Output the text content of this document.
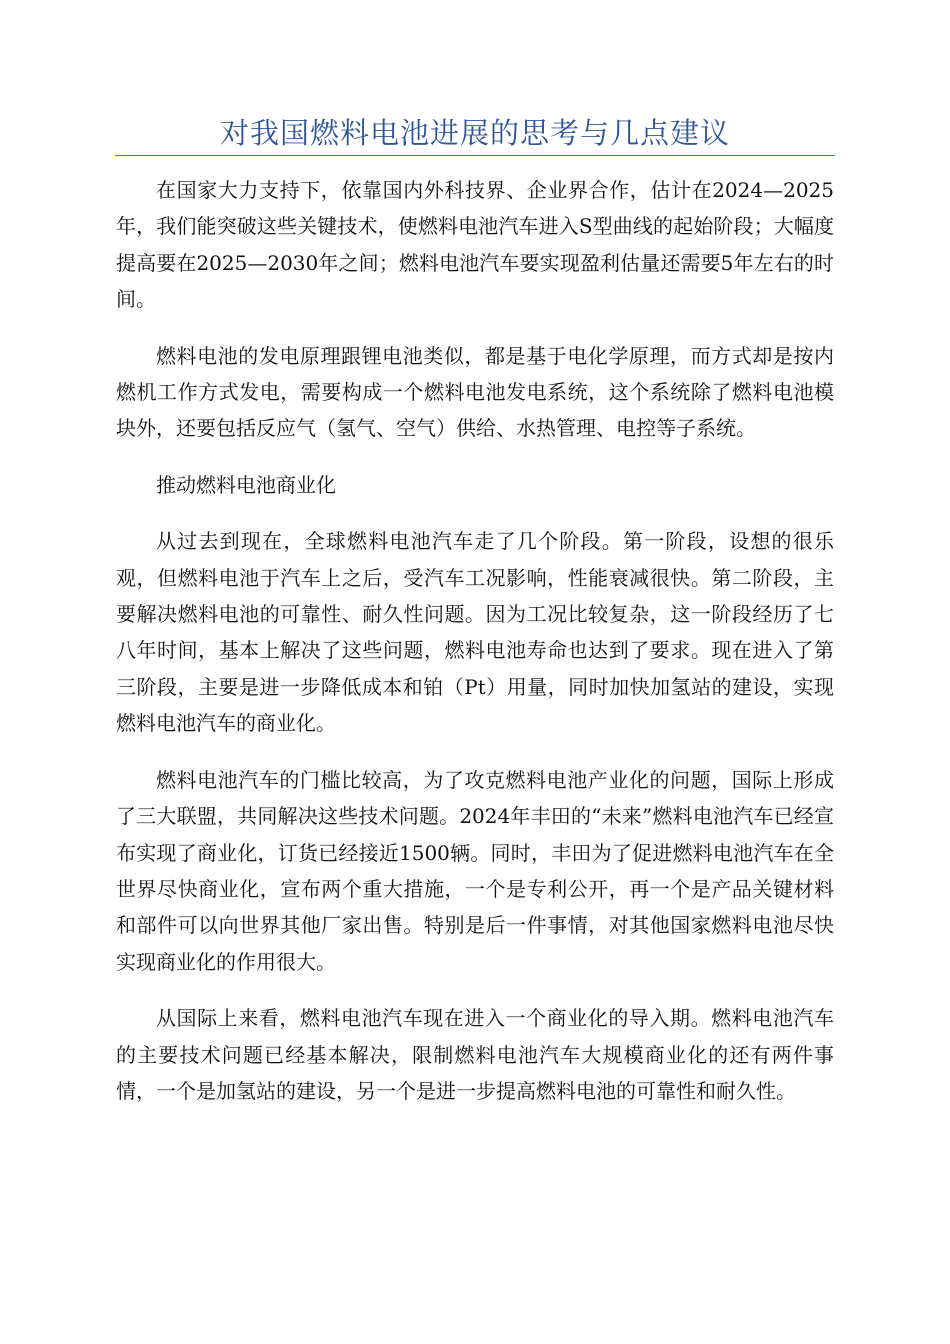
对我国燃料电池进展的思考与几点建议

在国家大力支持下，依靠国内外科技界、企业界合作，估计在2024—2025年，我们能突破这些关键技术，使燃料电池汽车进入S型曲线的起始阶段；大幅度提高要在2025—2030年之间；燃料电池汽车要实现盈利估量还需要5年左右的时间。

燃料电池的发电原理跟锂电池类似，都是基于电化学原理，而方式却是按内燃机工作方式发电，需要构成一个燃料电池发电系统，这个系统除了燃料电池模块外，还要包括反应气（氢气、空气）供给、水热管理、电控等子系统。

推动燃料电池商业化

从过去到现在，全球燃料电池汽车走了几个阶段。第一阶段，设想的很乐观，但燃料电池于汽车上之后，受汽车工况影响，性能衰减很快。第二阶段，主要解决燃料电池的可靠性、耐久性问题。因为工况比较复杂，这一阶段经历了七八年时间，基本上解决了这些问题，燃料电池寿命也达到了要求。现在进入了第三阶段，主要是进一步降低成本和铂（Pt）用量，同时加快加氢站的建设，实现燃料电池汽车的商业化。

燃料电池汽车的门槛比较高，为了攻克燃料电池产业化的问题，国际上形成了三大联盟，共同解决这些技术问题。2024年丰田的“未来”燃料电池汽车已经宣布实现了商业化，订货已经接近1500辆。同时，丰田为了促进燃料电池汽车在全世界尽快商业化，宣布两个重大措施，一个是专利公开，再一个是产品关键材料和部件可以向世界其他厂家出售。特别是后一件事情，对其他国家燃料电池尽快实现商业化的作用很大。

从国际上来看，燃料电池汽车现在进入一个商业化的导入期。燃料电池汽车的主要技术问题已经基本解决，限制燃料电池汽车大规模商业化的还有两件事情，一个是加氢站的建设，另一个是进一步提高燃料电池的可靠性和耐久性。
